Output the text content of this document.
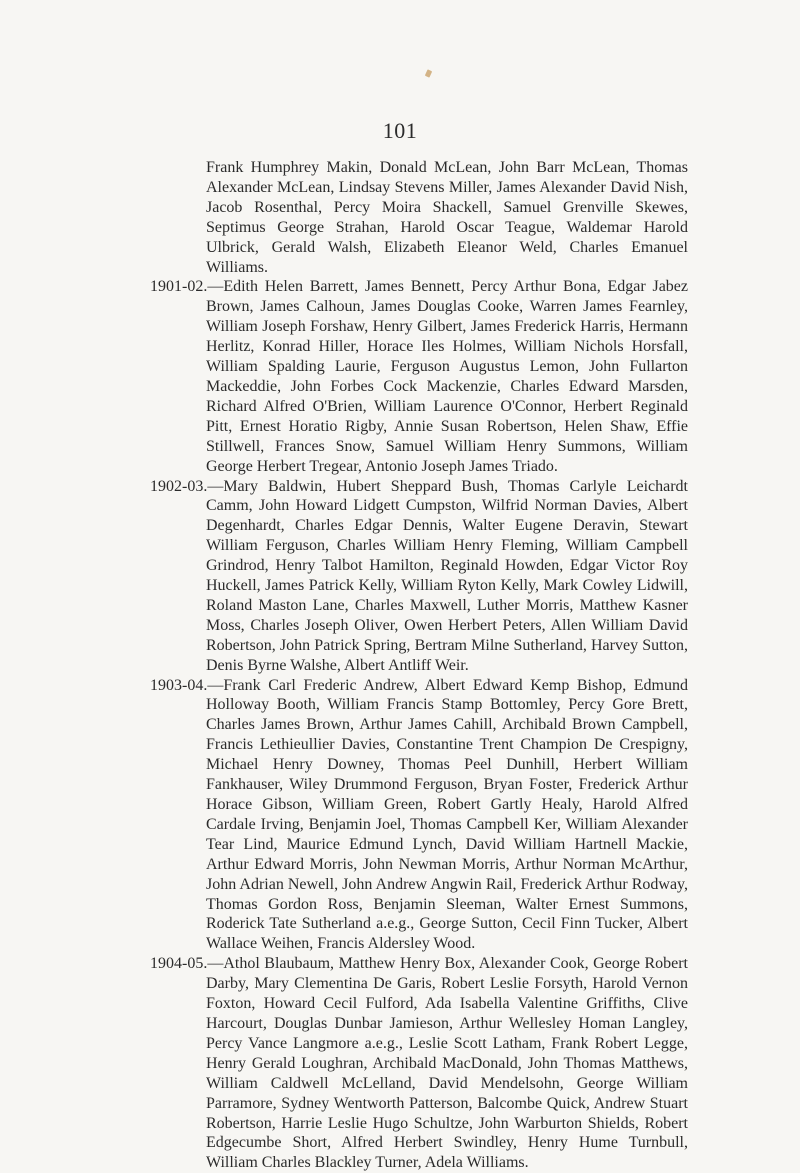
101

Frank Humphrey Makin, Donald McLean, John Barr McLean, Thomas Alexander McLean, Lindsay Stevens Miller, James Alexander David Nish, Jacob Rosenthal, Percy Moira Shackell, Samuel Grenville Skewes, Septimus George Strahan, Harold Oscar Teague, Waldemar Harold Ulbrick, Gerald Walsh, Elizabeth Eleanor Weld, Charles Emanuel Williams.

1901-02.—Edith Helen Barrett, James Bennett, Percy Arthur Bona, Edgar Jabez Brown, James Calhoun, James Douglas Cooke, Warren James Fearnley, William Joseph Forshaw, Henry Gilbert, James Frederick Harris, Hermann Herlitz, Konrad Hiller, Horace Iles Holmes, William Nichols Horsfall, William Spalding Laurie, Ferguson Augustus Lemon, John Fullarton Mackeddie, John Forbes Cock Mackenzie, Charles Edward Marsden, Richard Alfred O'Brien, William Laurence O'Connor, Herbert Reginald Pitt, Ernest Horatio Rigby, Annie Susan Robertson, Helen Shaw, Effie Stillwell, Frances Snow, Samuel William Henry Summons, William George Herbert Tregear, Antonio Joseph James Triado.

1902-03.—Mary Baldwin, Hubert Sheppard Bush, Thomas Carlyle Leichardt Camm, John Howard Lidgett Cumpston, Wilfrid Norman Davies, Albert Degenhardt, Charles Edgar Dennis, Walter Eugene Deravin, Stewart William Ferguson, Charles William Henry Fleming, William Campbell Grindrod, Henry Talbot Hamilton, Reginald Howden, Edgar Victor Roy Huckell, James Patrick Kelly, William Ryton Kelly, Mark Cowley Lidwill, Roland Maston Lane, Charles Maxwell, Luther Morris, Matthew Kasner Moss, Charles Joseph Oliver, Owen Herbert Peters, Allen William David Robertson, John Patrick Spring, Bertram Milne Sutherland, Harvey Sutton, Denis Byrne Walshe, Albert Antliff Weir.

1903-04.—Frank Carl Frederic Andrew, Albert Edward Kemp Bishop, Edmund Holloway Booth, William Francis Stamp Bottomley, Percy Gore Brett, Charles James Brown, Arthur James Cahill, Archibald Brown Campbell, Francis Lethieullier Davies, Constantine Trent Champion De Crespigny, Michael Henry Downey, Thomas Peel Dunhill, Herbert William Fankhauser, Wiley Drummond Ferguson, Bryan Foster, Frederick Arthur Horace Gibson, William Green, Robert Gartly Healy, Harold Alfred Cardale Irving, Benjamin Joel, Thomas Campbell Ker, William Alexander Tear Lind, Maurice Edmund Lynch, David William Hartnell Mackie, Arthur Edward Morris, John Newman Morris, Arthur Norman McArthur, John Adrian Newell, John Andrew Angwin Rail, Frederick Arthur Rodway, Thomas Gordon Ross, Benjamin Sleeman, Walter Ernest Summons, Roderick Tate Sutherland a.e.g., George Sutton, Cecil Finn Tucker, Albert Wallace Weihen, Francis Aldersley Wood.

1904-05.—Athol Blaubaum, Matthew Henry Box, Alexander Cook, George Robert Darby, Mary Clementina De Garis, Robert Leslie Forsyth, Harold Vernon Foxton, Howard Cecil Fulford, Ada Isabella Valentine Griffiths, Clive Harcourt, Douglas Dunbar Jamieson, Arthur Wellesley Homan Langley, Percy Vance Langmore a.e.g., Leslie Scott Latham, Frank Robert Legge, Henry Gerald Loughran, Archibald MacDonald, John Thomas Matthews, William Caldwell McLelland, David Mendelsohn, George William Parramore, Sydney Wentworth Patterson, Balcombe Quick, Andrew Stuart Robertson, Harrie Leslie Hugo Schultze, John Warburton Shields, Robert Edgecumbe Short, Alfred Herbert Swindley, Henry Hume Turnbull, William Charles Blackley Turner, Adela Williams.
